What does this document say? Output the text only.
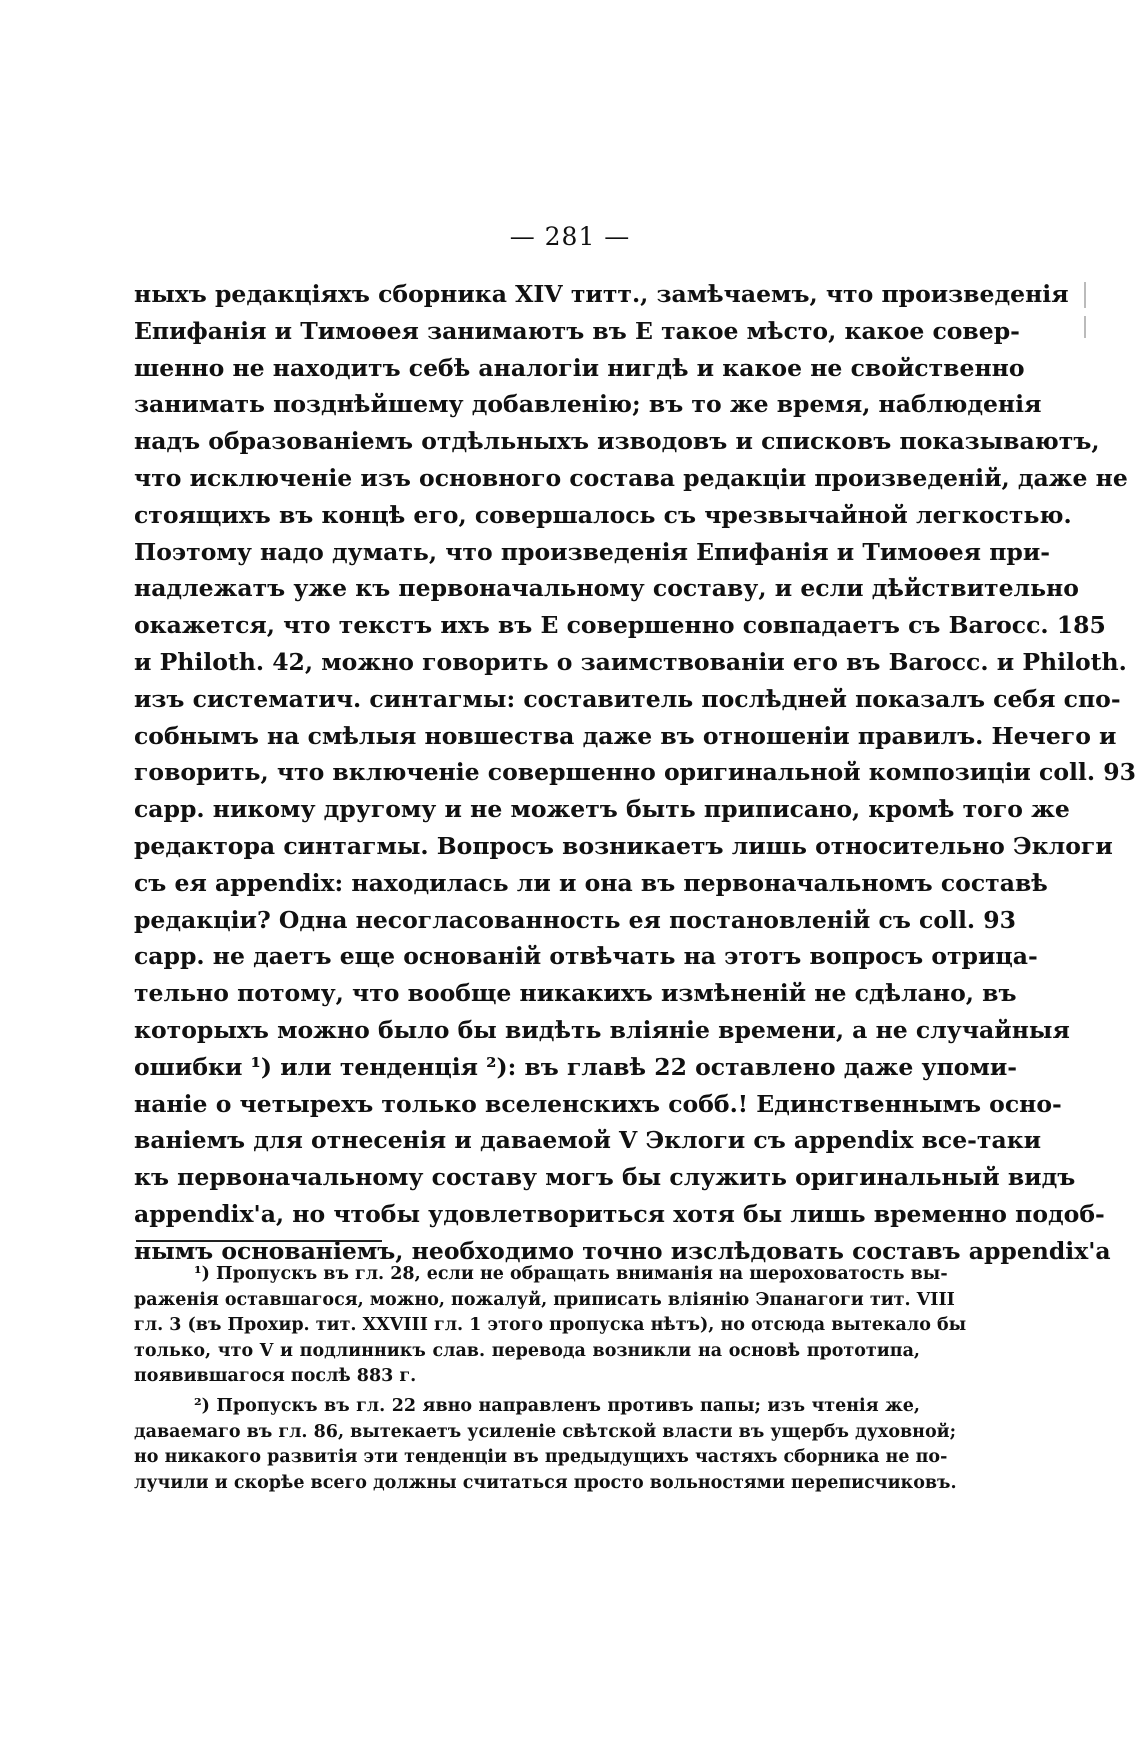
— 281 —
ныхъ редакціяхъ сборника XIV титт., замѣчаемъ, что произведенія
Епифанія и Тимоѳея занимаютъ въ E такое мѣсто, какое совер-
шенно не находитъ себѣ аналогіи нигдѣ и какое не свойственно
занимать позднѣйшему добавленію; въ то же время, наблюденія
надъ образованіемъ отдѣльныхъ изводовъ и списковъ показываютъ,
что исключеніе изъ основного состава редакціи произведеній, даже не
стоящихъ въ концѣ его, совершалось съ чрезвычайной легкостью.
Поэтому надо думать, что произведенія Епифанія и Тимоѳея при-
надлежатъ уже къ первоначальному составу, и если дѣйствительно
окажется, что текстъ ихъ въ E совершенно совпадаетъ съ Barocc. 185
и Philoth. 42, можно говорить о заимствованіи его въ Barocc. и Philoth.
изъ систематич. синтагмы: составитель послѣдней показалъ себя спо-
собнымъ на смѣлыя новшества даже въ отношеніи правилъ. Нечего и
говорить, что включеніе совершенно оригинальной композиціи coll. 93
capp. никому другому и не можетъ быть приписано, кромѣ того же
редактора синтагмы. Вопросъ возникаетъ лишь относительно Эклоги
съ ея appendix: находилась ли и она въ первоначальномъ составѣ
редакціи? Одна несогласованность ея постановленій съ coll. 93
capp. не даетъ еще основаній отвѣчать на этотъ вопросъ отрица-
тельно потому, что вообще никакихъ измѣненій не сдѣлано, въ
которыхъ можно было бы видѣть вліяніе времени, а не случайныя
ошибки ¹) или тенденція ²): въ главѣ 22 оставлено даже упоми-
наніе о четырехъ только вселенскихъ собб.! Единственнымъ осно-
ваніемъ для отнесенія и даваемой V Эклоги съ appendix все-таки
къ первоначальному составу могъ бы служить оригинальный видъ
appendix'а, но чтобы удовлетвориться хотя бы лишь временно подоб-
нымъ основаніемъ, необходимо точно изслѣдовать составъ appendix'а
¹) Пропускъ въ гл. 28, если не обращать вниманія на шероховатость вы-
раженія оставшагося, можно, пожалуй, приписать вліянію Эпанагоги тит. VIII
гл. 3 (въ Прохир. тит. XXVIII гл. 1 этого пропуска нѣтъ), но отсюда вытекало бы
только, что V и подлинникъ слав. перевода возникли на основѣ прототипа,
появившагося послѣ 883 г.
²) Пропускъ въ гл. 22 явно направленъ противъ папы; изъ чтенія же,
даваемаго въ гл. 86, вытекаетъ усиленіе свѣтской власти въ ущербъ духовной;
но никакого развитія эти тенденціи въ предыдущихъ частяхъ сборника не по-
лучили и скорѣе всего должны считаться просто вольностями переписчиковъ.
